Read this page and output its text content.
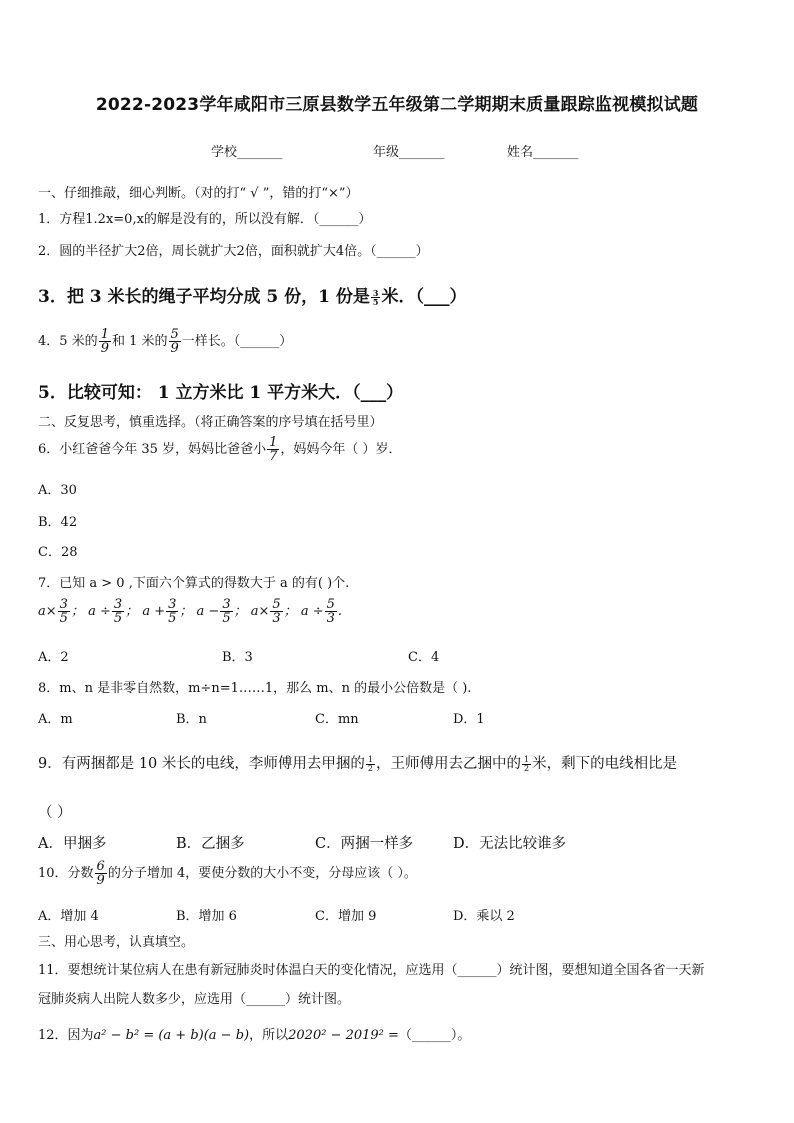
2022-2023学年咸阳市三原县数学五年级第二学期期末质量跟踪监视模拟试题
学校_______	年级_______	姓名_______
一、仔细推敲，细心判断。（对的打“ √ ”，错的打“×”）
1．方程1.2x=0,x的解是没有的，所以没有解．（______）
2．圆的半径扩大2倍，周长就扩大2倍，面积就扩大4倍。（______）
3．把 3 米长的绳子平均分成 5 份，1 份是 $\frac{3}{5}$ 米．（___）
4．5 米的 $\frac{1}{9}$ 和 1 米的 $\frac{5}{9}$ 一样长。（______）
5．比较可知： 1 立方米比 1 平方米大．（___）
二、反复思考，慎重选择。（将正确答案的序号填在括号里）
6．小红爸爸今年 35 岁，妈妈比爸爸小 $\frac{1}{7}$ ，妈妈今年（ ）岁．
A．30
B．42
C．28
7．已知 a > 0 ,下面六个算式的得数大于 a 的有( )个.
$a\times \frac{3}{5}$ ； $a \div \frac{3}{5}$ ； $a + \frac{3}{5}$ ； $a - \frac{3}{5}$ ； $a\times \frac{5}{3}$ ； $a \div \frac{5}{3}$ .
A．2	B．3	C．4
8．m、n 是非零自然数，m÷n=1……1，那么 m、n 的最小公倍数是（ ).
A．m	B．n	C．mn	D．1
9．有两捆都是 10 米长的电线，李师傅用去甲捆的 $\frac{1}{2}$ ，王师傅用去乙捆中的 $\frac{1}{2}$ 米，剩下的电线相比是
（ ）
A．甲捆多	B．乙捆多	C．两捆一样多	D．无法比较谁多
10．分数 $\frac{6}{9}$ 的分子增加 4，要使分数的大小不变，分母应该（ ）。
A．增加 4	B．增加 6	C．增加 9	D．乘以 2
三、用心思考，认真填空。
11．要想统计某位病人在患有新冠肺炎时体温白天的变化情况，应选用（______）统计图，要想知道全国各省一天新
冠肺炎病人出院人数多少，应选用（______）统计图。
12．因为a² − b² = (a + b)(a − b)，所以2020² − 2019² =（______）。
